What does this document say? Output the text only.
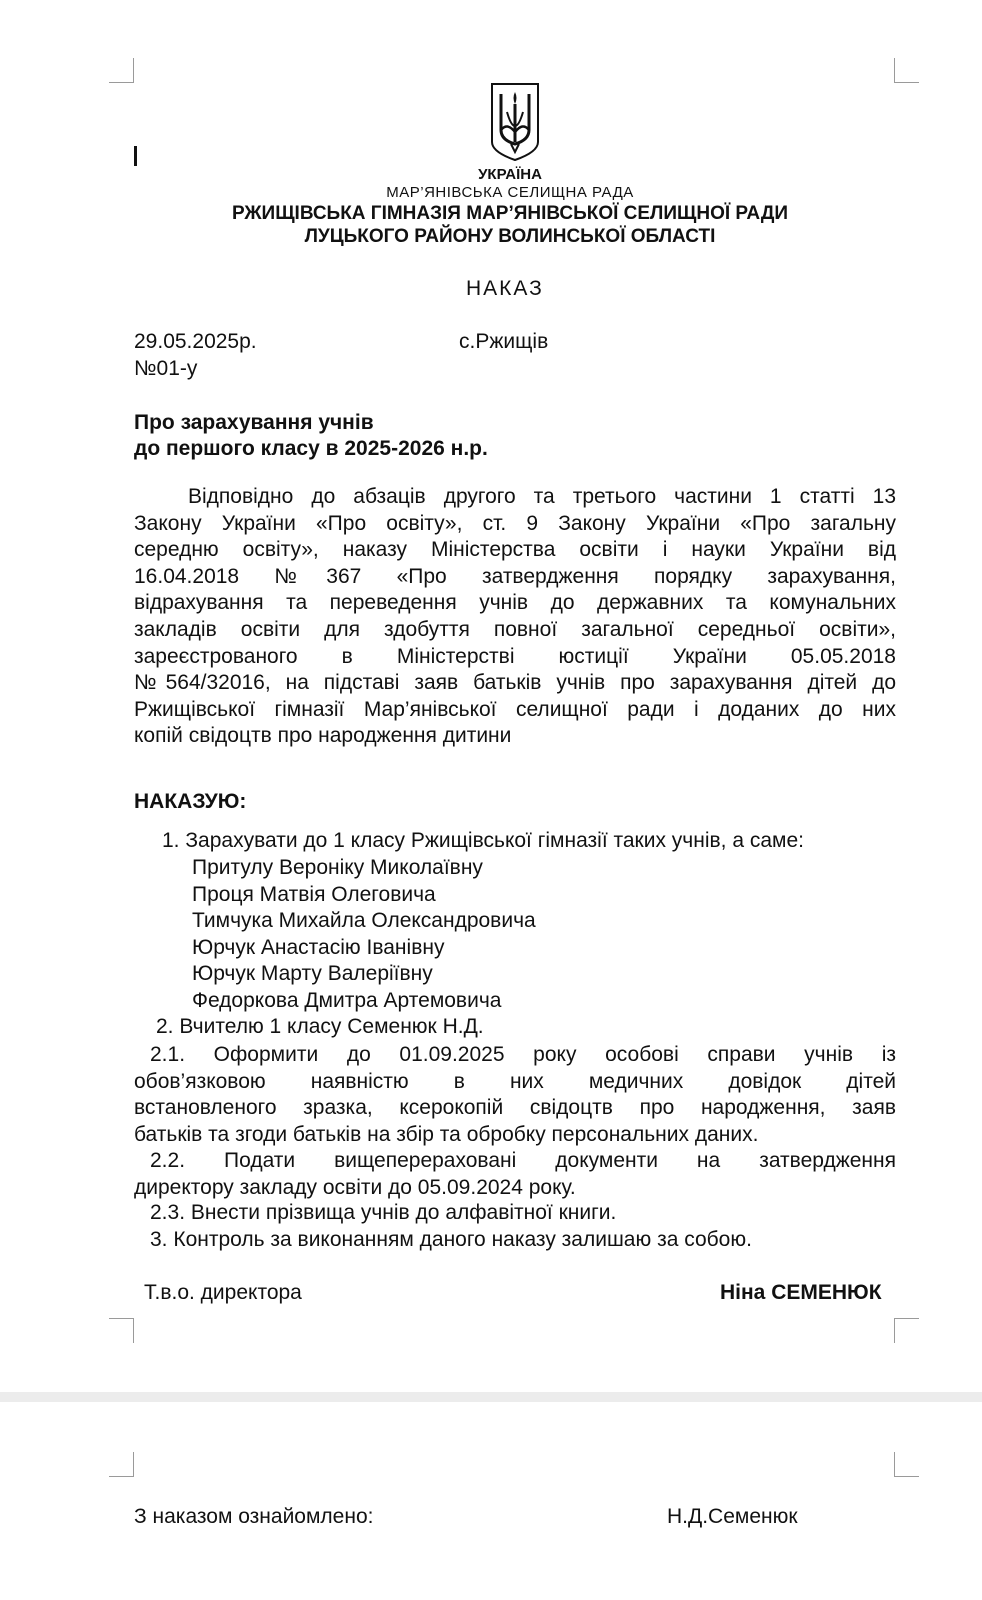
УКРАЇНА
МАР’ЯНІВСЬКА СЕЛИЩНА РАДА
РЖИЩІВСЬКА ГІМНАЗІЯ МАР’ЯНІВСЬКОЇ СЕЛИЩНОЇ РАДИ
ЛУЦЬКОГО РАЙОНУ ВОЛИНСЬКОЇ ОБЛАСТІ
НАКАЗ
29.05.2025р.	с.Ржищів
№01-у
Про зарахування учнів
до першого класу в 2025-2026 н.р.
Відповідно до абзаців другого та третього частини 1 статті 13
Закону України «Про освіту», ст. 9 Закону України «Про загальну
середню освіту», наказу Міністерства освіти і науки України від
16.04.2018 №367 «Про затвердження порядку зарахування,
відрахування та переведення учнів до державних та комунальних
закладів освіти для здобуття повної загальної середньої освіти»,
зареєстрованого в Міністерстві юстиції України 05.05.2018
№564/32016, на підставі заяв батьків учнів про зарахування дітей до
Ржищівської гімназії Мар’янівської селищної ради і доданих до них
копій свідоцтв про народження дитини
НАКАЗУЮ:
1. Зарахувати до 1 класу Ржищівської гімназії таких учнів, а саме:
Притулу Вероніку Миколаївну
Проця Матвія Олеговича
Тимчука Михайла Олександровича
Юрчук Анастасію Іванівну
Юрчук Марту Валеріївну
Федоркова Дмитра Артемовича
2. Вчителю 1 класу Семенюк Н.Д.
2.1. Оформити до 01.09.2025 року особові справи учнів із
обов’язковою наявністю в них медичних довідок дітей
встановленого зразка, ксерокопій свідоцтв про народження, заяв
батьків та згоди батьків на збір та обробку персональних даних.
2.2. Подати вищеперераховані документи на затвердження
директору закладу освіти до 05.09.2024 року.
2.3. Внести прізвища учнів до алфавітної книги.
3. Контроль за виконанням даного наказу залишаю за собою.
Т.в.о. директора	Ніна СЕМЕНЮК
З наказом ознайомлено:	Н.Д.Семенюк
